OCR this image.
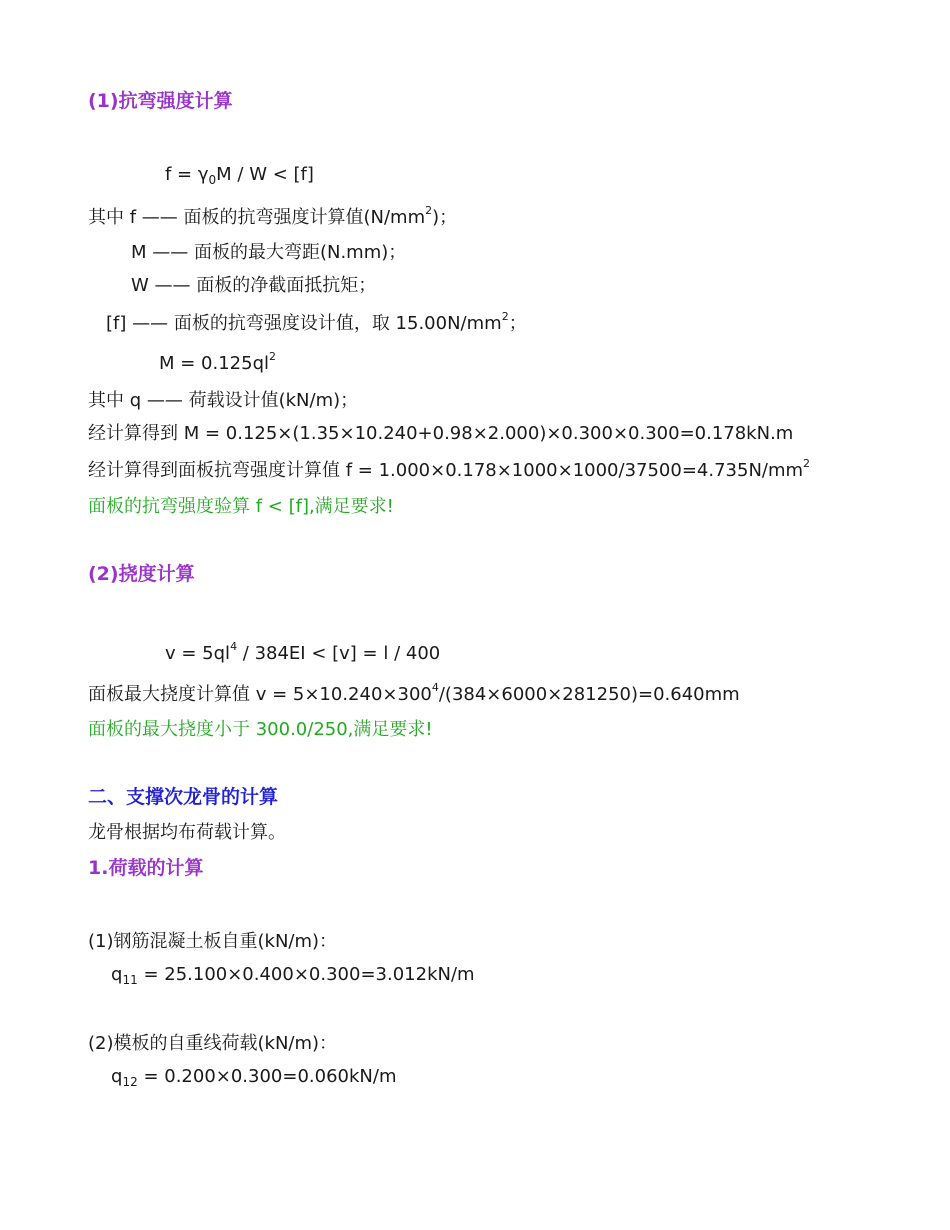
(1)抗弯强度计算
$f = \gamma_0M / W < [f]$
其中 f —— 面板的抗弯强度计算值$(N/mm^2)$；
M —— 面板的最大弯距(N.mm)；
W —— 面板的净截面抵抗矩；
[f] —— 面板的抗弯强度设计值，取 $15.00N/mm^2$；
$M = 0.125ql^2$
其中 q —— 荷载设计值(kN/m)；
经计算得到 M = 0.125×(1.35×10.240+0.98×2.000)×0.300×0.300=0.178kN.m
经计算得到面板抗弯强度计算值 $f = 1.000\times 0.178\times 1000\times 1000/37500=4.735N/mm^2$
面板的抗弯强度验算 f < [f],满足要求!
(2)挠度计算
$v = 5ql^4 / 384EI < [v] = l / 400$
面板最大挠度计算值 $v = 5\times 10.240\times 300^4/(384\times 6000\times 281250)=0.640mm$
面板的最大挠度小于 300.0/250,满足要求!
二、支撑次龙骨的计算
龙骨根据均布荷载计算。
1.荷载的计算
(1)钢筋混凝土板自重(kN/m)：
$q_{11} = 25.100\times 0.400\times 0.300=3.012kN/m$
(2)模板的自重线荷载(kN/m)：
$q_{12} = 0.200\times 0.300=0.060kN/m$
